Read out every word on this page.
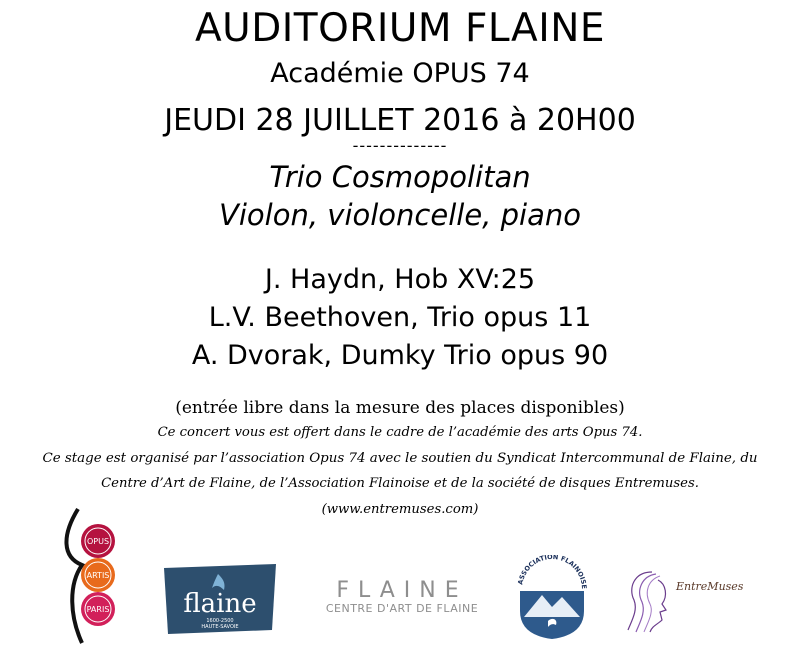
AUDITORIUM FLAINE
Académie OPUS 74
JEUDI 28 JUILLET 2016 à 20H00
--------------
Trio Cosmopolitan
Violon, violoncelle, piano
J. Haydn, Hob XV:25
L.V. Beethoven, Trio opus 11
A. Dvorak, Dumky Trio opus 90
(entrée libre dans la mesure des places disponibles)
Ce concert vous est offert dans le cadre de l’académie des arts Opus 74.
Ce stage est organisé par l’association Opus 74 avec le soutien du Syndicat Intercommunal de Flaine, du
Centre d’Art de Flaine, de l’Association Flainoise et de la société de disques Entremuses.
(www.entremuses.com)
OPUS
ARTIS
PARIS	flaine
1600-2500
HAUTE-SAVOIE
FLAINE
CENTRE D'ART DE FLAINE
ASSOCIATION FLAINOISE	EntreMuses
